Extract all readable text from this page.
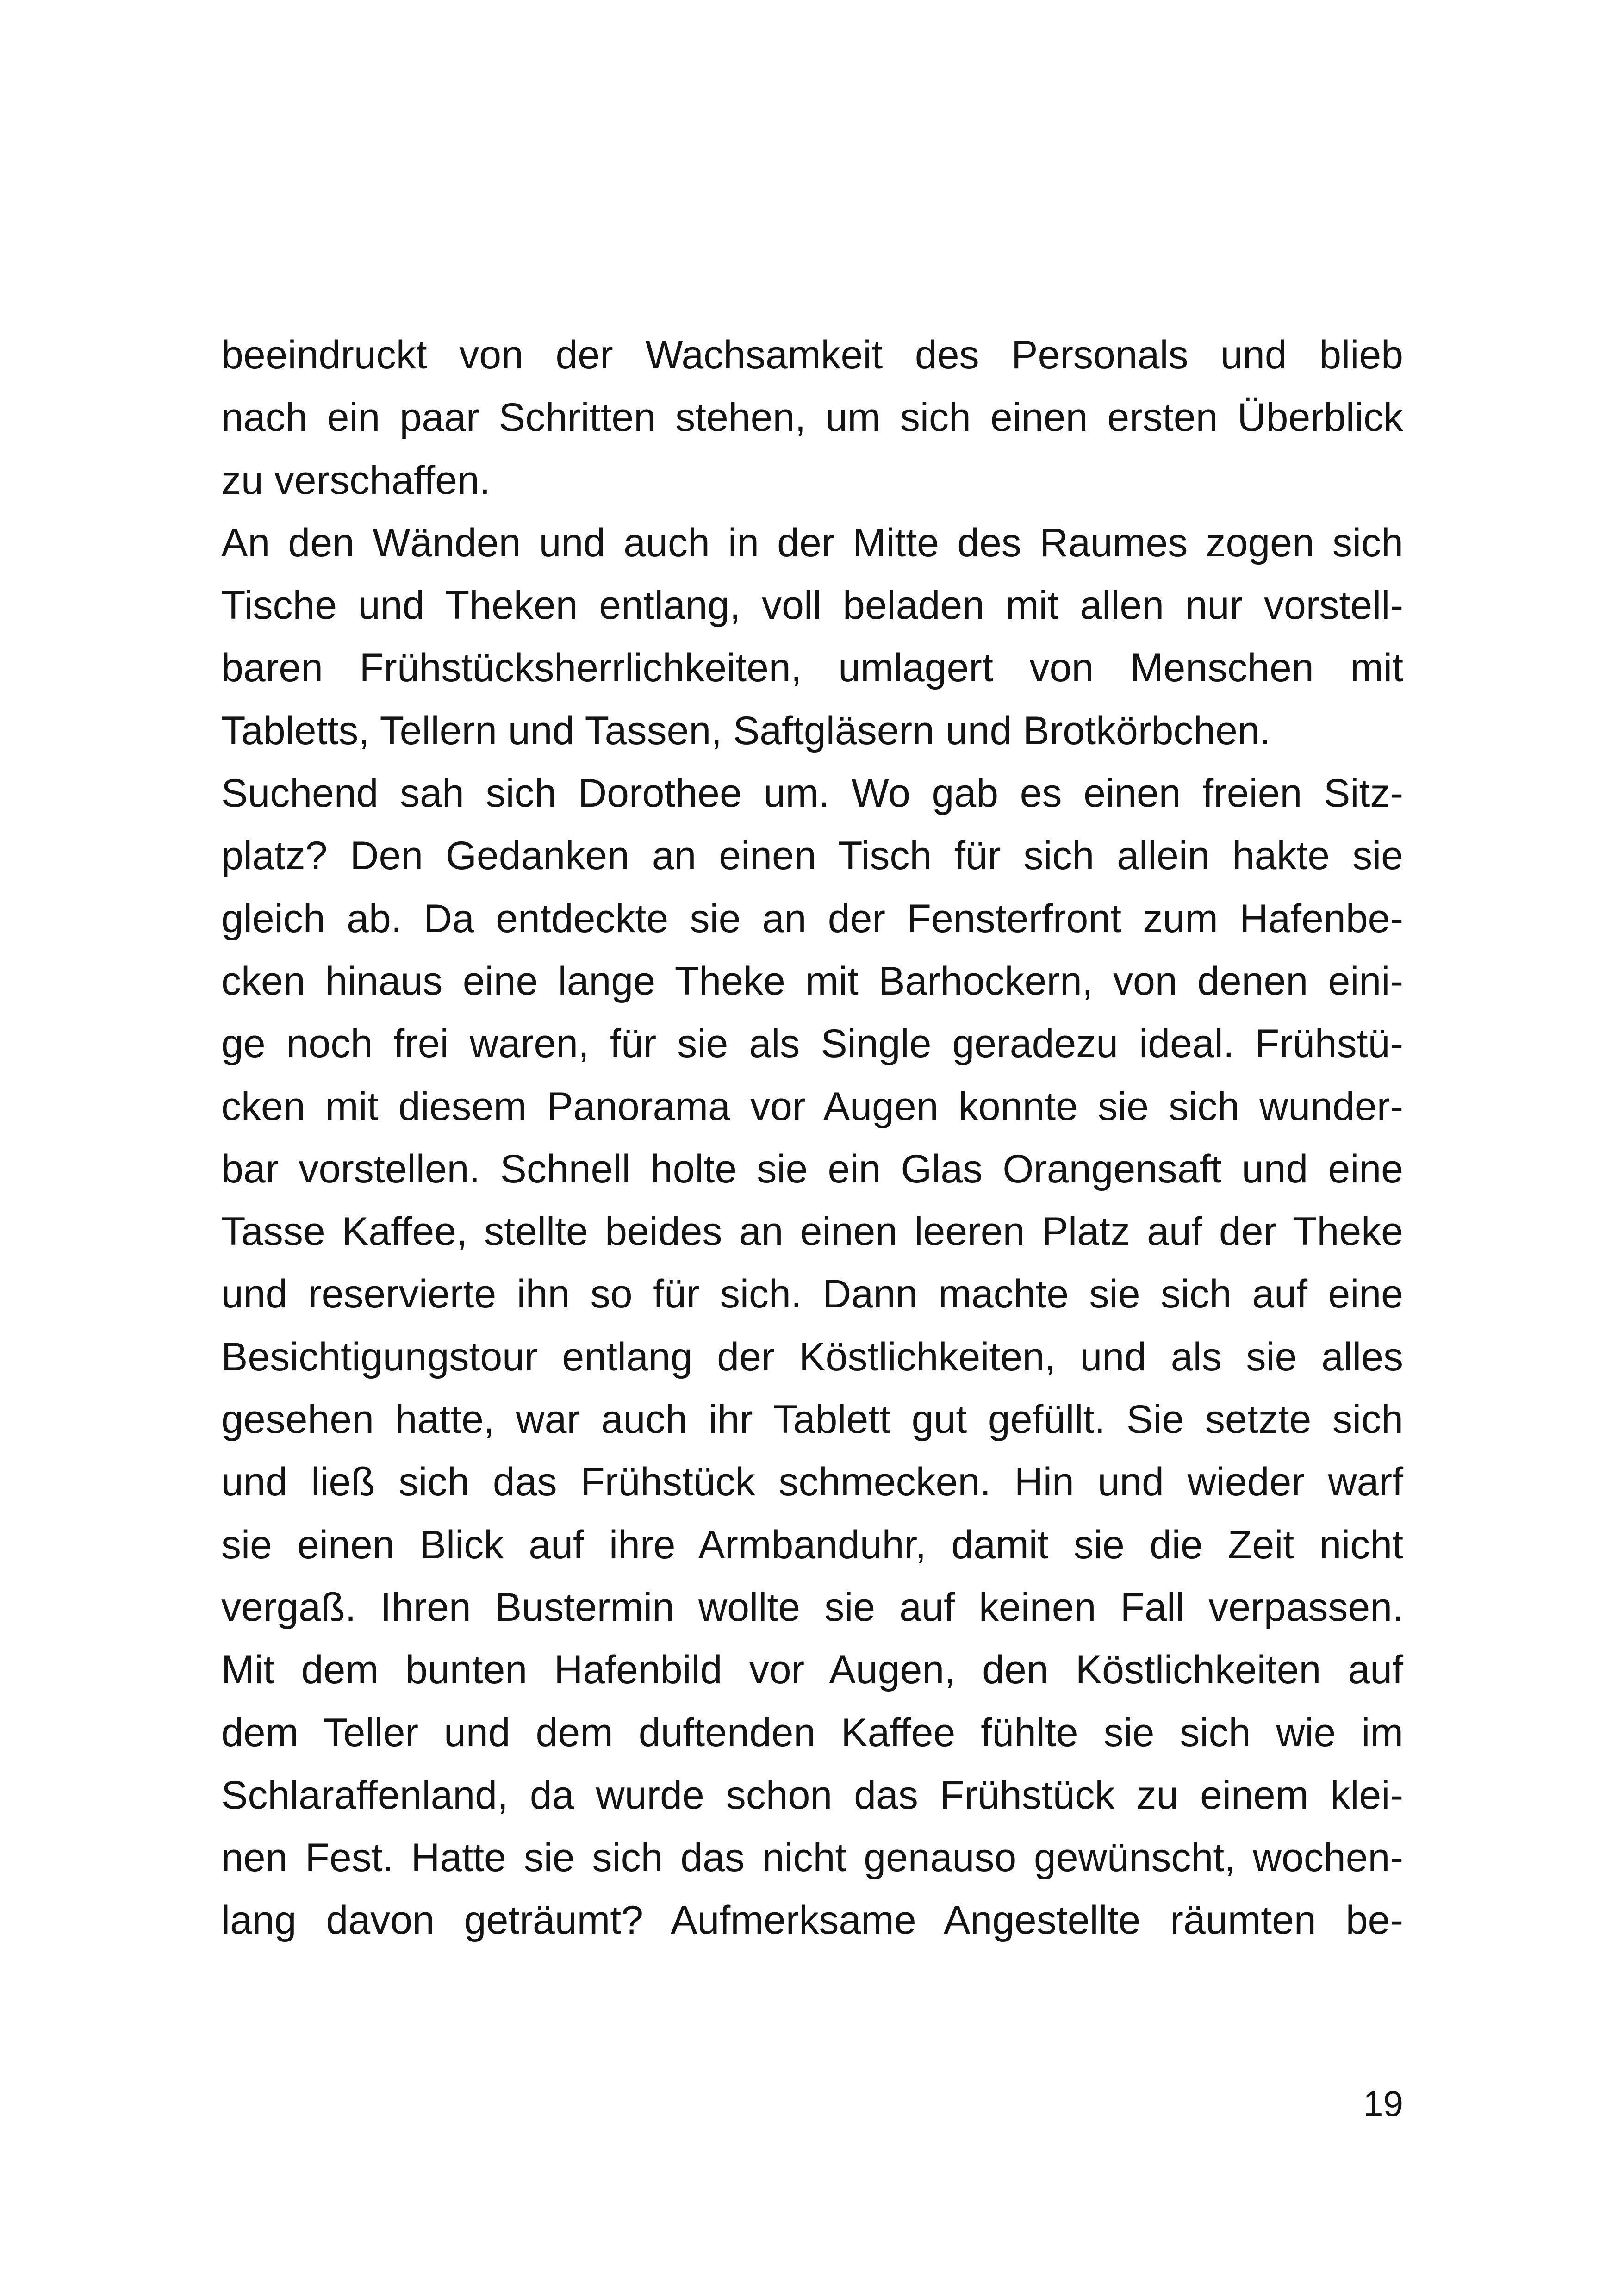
beeindruckt von der Wachsamkeit des Personals und blieb
nach ein paar Schritten stehen, um sich einen ersten Überblick
zu verschaffen.
An den Wänden und auch in der Mitte des Raumes zogen sich
Tische und Theken entlang, voll beladen mit allen nur vorstell-
baren Frühstücksherrlichkeiten, umlagert von Menschen mit
Tabletts, Tellern und Tassen, Saftgläsern und Brotkörbchen.
Suchend sah sich Dorothee um. Wo gab es einen freien Sitz-
platz? Den Gedanken an einen Tisch für sich allein hakte sie
gleich ab. Da entdeckte sie an der Fensterfront zum Hafenbe-
cken hinaus eine lange Theke mit Barhockern, von denen eini-
ge noch frei waren, für sie als Single geradezu ideal. Frühstü-
cken mit diesem Panorama vor Augen konnte sie sich wunder-
bar vorstellen. Schnell holte sie ein Glas Orangensaft und eine
Tasse Kaffee, stellte beides an einen leeren Platz auf der Theke
und reservierte ihn so für sich. Dann machte sie sich auf eine
Besichtigungstour entlang der Köstlichkeiten, und als sie alles
gesehen hatte, war auch ihr Tablett gut gefüllt. Sie setzte sich
und ließ sich das Frühstück schmecken. Hin und wieder warf
sie einen Blick auf ihre Armbanduhr, damit sie die Zeit nicht
vergaß. Ihren Bustermin wollte sie auf keinen Fall verpassen.
Mit dem bunten Hafenbild vor Augen, den Köstlichkeiten auf
dem Teller und dem duftenden Kaffee fühlte sie sich wie im
Schlaraffenland, da wurde schon das Frühstück zu einem klei-
nen Fest. Hatte sie sich das nicht genauso gewünscht, wochen-
lang davon geträumt? Aufmerksame Angestellte räumten be-
19
